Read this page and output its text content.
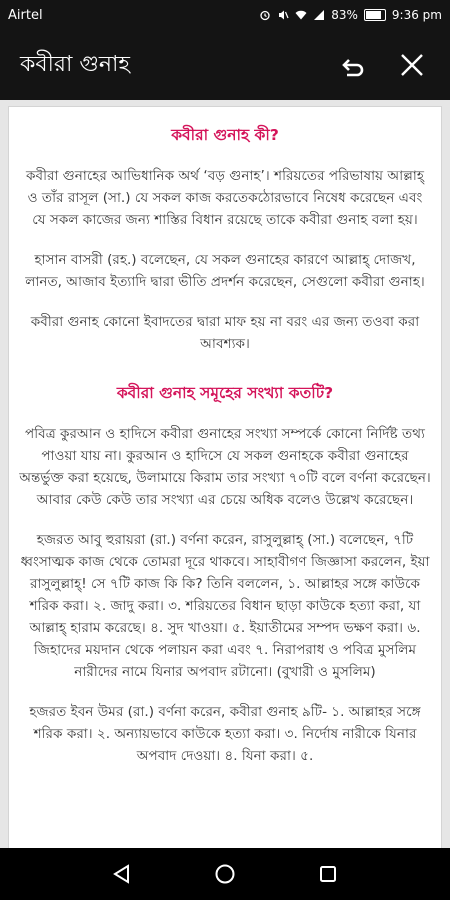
Airtel	83%	9:36 pm
কবীরা গুনাহ
কবীরা গুনাহ কী?

কবীরা গুনাহের আভিধানিক অর্থ ‘বড় গুনাহ’। শরিয়তের পরিভাষায় আল্লাহ্ ও তাঁর রাসূল (সা.) যে সকল কাজ করতেকঠোরভাবে নিষেধ করেছেন এবং যে সকল কাজের জন্য শাস্তির বিধান রয়েছে তাকে কবীরা গুনাহ বলা হয়।

হাসান বাসরী (রহ.) বলেছেন, যে সকল গুনাহের কারণে আল্লাহ্ দোজখ, লানত, আজাব ইত্যাদি দ্বারা ভীতি প্রদর্শন করেছেন, সেগুলো কবীরা গুনাহ।

কবীরা গুনাহ কোনো ইবাদতের দ্বারা মাফ হয় না বরং এর জন্য তওবা করা আবশ্যক।

কবীরা গুনাহ সমূহের সংখ্যা কতটি?

পবিত্র কুরআন ও হাদিসে কবীরা গুনাহের সংখ্যা সম্পর্কে কোনো নির্দিষ্ট তথ্য পাওয়া যায় না। কুরআন ও হাদিসে যে সকল গুনাহকে কবীরা গুনাহের অন্তর্ভুক্ত করা হয়েছে, উলামায়ে কিরাম তার সংখ্যা ৭০টি বলে বর্ণনা করেছেন। আবার কেউ কেউ তার সংখ্যা এর চেয়ে অধিক বলেও উল্লেখ করেছেন।

হজরত আবু হুরায়রা (রা.) বর্ণনা করেন, রাসুলুল্লাহ্ (সা.) বলেছেন, ৭টি ধ্বংসাত্মক কাজ থেকে তোমরা দূরে থাকবে। সাহাবীগণ জিজ্ঞাসা করলেন, ইয়া রাসুলুল্লাহ্! সে ৭টি কাজ কি কি? তিনি বললেন, ১. আল্লাহর সঙ্গে কাউকে শরিক করা। ২. জাদু করা। ৩. শরিয়তের বিধান ছাড়া কাউকে হত্যা করা, যা আল্লাহ্ হারাম করেছে। ৪. সুদ খাওয়া। ৫. ইয়াতীমের সম্পদ ভক্ষণ করা। ৬. জিহাদের ময়দান থেকে পলায়ন করা এবং ৭. নিরাপরাধ ও পবিত্র মুসলিম নারীদের নামে যিনার অপবাদ রটানো। (বুখারী ও মুসলিম)

হজরত ইবন উমর (রা.) বর্ণনা করেন, কবীরা গুনাহ ৯টি- ১. আল্লাহর সঙ্গে শরিক করা। ২. অন্যায়ভাবে কাউকে হত্যা করা। ৩. নির্দোষ নারীকে যিনার অপবাদ দেওয়া। ৪. যিনা করা। ৫.
